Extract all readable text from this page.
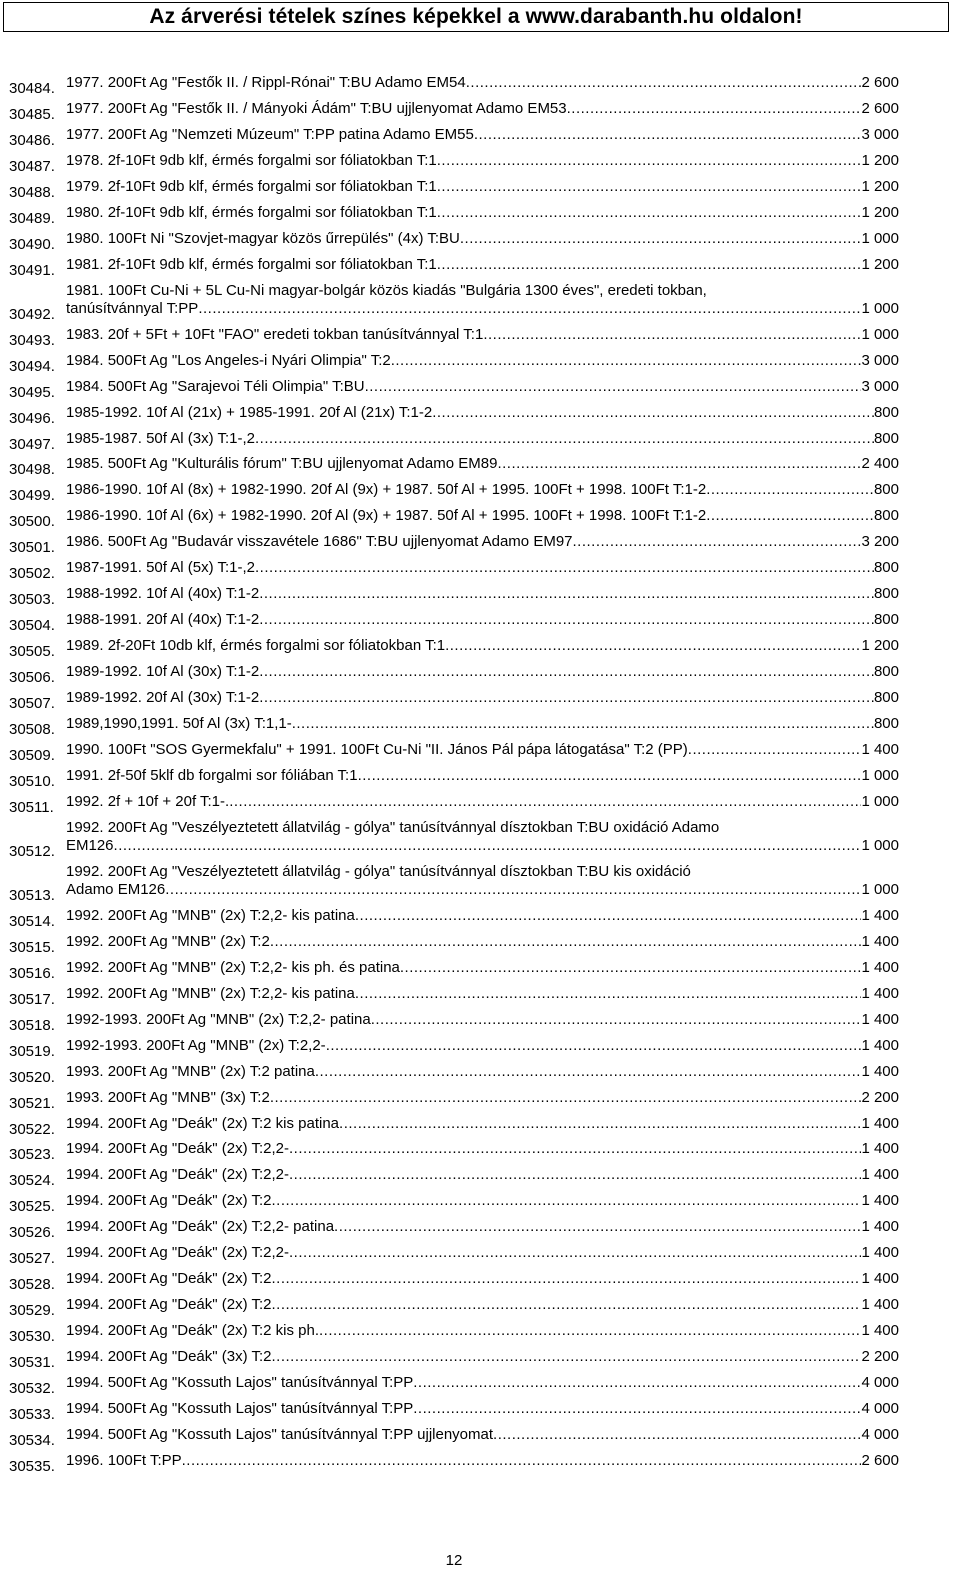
Az árverési tételek színes képekkel a www.darabanth.hu oldalon!
30484. 1977. 200Ft Ag "Festők II. / Rippl-Rónai" T:BU Adamo EM54 .....	2 600
30485. 1977. 200Ft Ag "Festők II. / Mányoki Ádám" T:BU ujjlenyomat Adamo EM53 .....	2 600
30486. 1977. 200Ft Ag "Nemzeti Múzeum" T:PP patina Adamo EM55 .....	3 000
30487. 1978. 2f-10Ft 9db klf, érmés forgalmi sor fóliatokban T:1 .....	1 200
30488. 1979. 2f-10Ft 9db klf, érmés forgalmi sor fóliatokban T:1 .....	1 200
30489. 1980. 2f-10Ft 9db klf, érmés forgalmi sor fóliatokban T:1 .....	1 200
30490. 1980. 100Ft Ni "Szovjet-magyar közös űrrepülés" (4x) T:BU .....	1 000
30491. 1981. 2f-10Ft 9db klf, érmés forgalmi sor fóliatokban T:1 .....	1 200
30492.
1981. 100Ft Cu-Ni + 5L Cu-Ni magyar-bolgár közös kiadás "Bulgária 1300 éves", eredeti tokban,
tanúsítvánnyal T:PP .....	1 000
30493. 1983. 20f + 5Ft + 10Ft "FAO" eredeti tokban tanúsítvánnyal T:1 .....	1 000
30494. 1984. 500Ft Ag "Los Angeles-i Nyári Olimpia" T:2 .....	3 000
30495. 1984. 500Ft Ag "Sarajevoi Téli Olimpia" T:BU .....	3 000
30496. 1985-1992. 10f Al (21x) + 1985-1991. 20f Al (21x) T:1-2 .....	800
30497. 1985-1987. 50f Al (3x) T:1-,2 .....	800
30498. 1985. 500Ft Ag "Kulturális fórum" T:BU ujjlenyomat Adamo EM89 .....	2 400
30499. 1986-1990. 10f Al (8x) + 1982-1990. 20f Al (9x) + 1987. 50f Al + 1995. 100Ft + 1998. 100Ft T:1-2 .....	800
30500. 1986-1990. 10f Al (6x) + 1982-1990. 20f Al (9x) + 1987. 50f Al + 1995. 100Ft + 1998. 100Ft T:1-2 .....	800
30501. 1986. 500Ft Ag "Budavár visszavétele 1686" T:BU ujjlenyomat Adamo EM97 .....	3 200
30502. 1987-1991. 50f Al (5x) T:1-,2 .....	800
30503. 1988-1992. 10f Al (40x) T:1-2 .....	800
30504. 1988-1991. 20f Al (40x) T:1-2 .....	800
30505. 1989. 2f-20Ft 10db klf, érmés forgalmi sor fóliatokban T:1 .....	1 200
30506. 1989-1992. 10f Al (30x) T:1-2 .....	800
30507. 1989-1992. 20f Al (30x) T:1-2 .....	800
30508. 1989,1990,1991. 50f Al (3x) T:1,1- .....	800
30509. 1990. 100Ft "SOS Gyermekfalu" + 1991. 100Ft Cu-Ni "II. János Pál pápa látogatása" T:2 (PP) .....	1 400
30510. 1991. 2f-50f 5klf db forgalmi sor fóliában T:1 .....	1 000
30511. 1992. 2f + 10f + 20f T:1-. .....	1 000
30512.
1992. 200Ft Ag "Veszélyeztetett állatvilág - gólya" tanúsítvánnyal dísztokban T:BU oxidáció Adamo
EM126 .....	1 000
30513.
1992. 200Ft Ag "Veszélyeztetett állatvilág - gólya" tanúsítvánnyal dísztokban T:BU kis oxidáció
Adamo EM126 .....	1 000
30514. 1992. 200Ft Ag "MNB" (2x) T:2,2- kis patina .....	1 400
30515. 1992. 200Ft Ag "MNB" (2x) T:2 .....	1 400
30516. 1992. 200Ft Ag "MNB" (2x) T:2,2- kis ph. és patina .....	1 400
30517. 1992. 200Ft Ag "MNB" (2x) T:2,2- kis patina .....	1 400
30518. 1992-1993. 200Ft Ag "MNB" (2x) T:2,2- patina .....	1 400
30519. 1992-1993. 200Ft Ag "MNB" (2x) T:2,2- .....	1 400
30520. 1993. 200Ft Ag "MNB" (2x) T:2 patina .....	1 400
30521. 1993. 200Ft Ag "MNB" (3x) T:2 .....	2 200
30522. 1994. 200Ft Ag "Deák" (2x) T:2 kis patina .....	1 400
30523. 1994. 200Ft Ag "Deák" (2x) T:2,2- .....	1 400
30524. 1994. 200Ft Ag "Deák" (2x) T:2,2- .....	1 400
30525. 1994. 200Ft Ag "Deák" (2x) T:2 .....	1 400
30526. 1994. 200Ft Ag "Deák" (2x) T:2,2- patina .....	1 400
30527. 1994. 200Ft Ag "Deák" (2x) T:2,2- .....	1 400
30528. 1994. 200Ft Ag "Deák" (2x) T:2 .....	1 400
30529. 1994. 200Ft Ag "Deák" (2x) T:2 .....	1 400
30530. 1994. 200Ft Ag "Deák" (2x) T:2 kis ph. .....	1 400
30531. 1994. 200Ft Ag "Deák" (3x) T:2 .....	2 200
30532. 1994. 500Ft Ag "Kossuth Lajos" tanúsítvánnyal T:PP .....	4 000
30533. 1994. 500Ft Ag "Kossuth Lajos" tanúsítvánnyal T:PP .....	4 000
30534. 1994. 500Ft Ag "Kossuth Lajos" tanúsítvánnyal T:PP ujjlenyomat .....	4 000
30535. 1996. 100Ft T:PP .....	2 600
12
